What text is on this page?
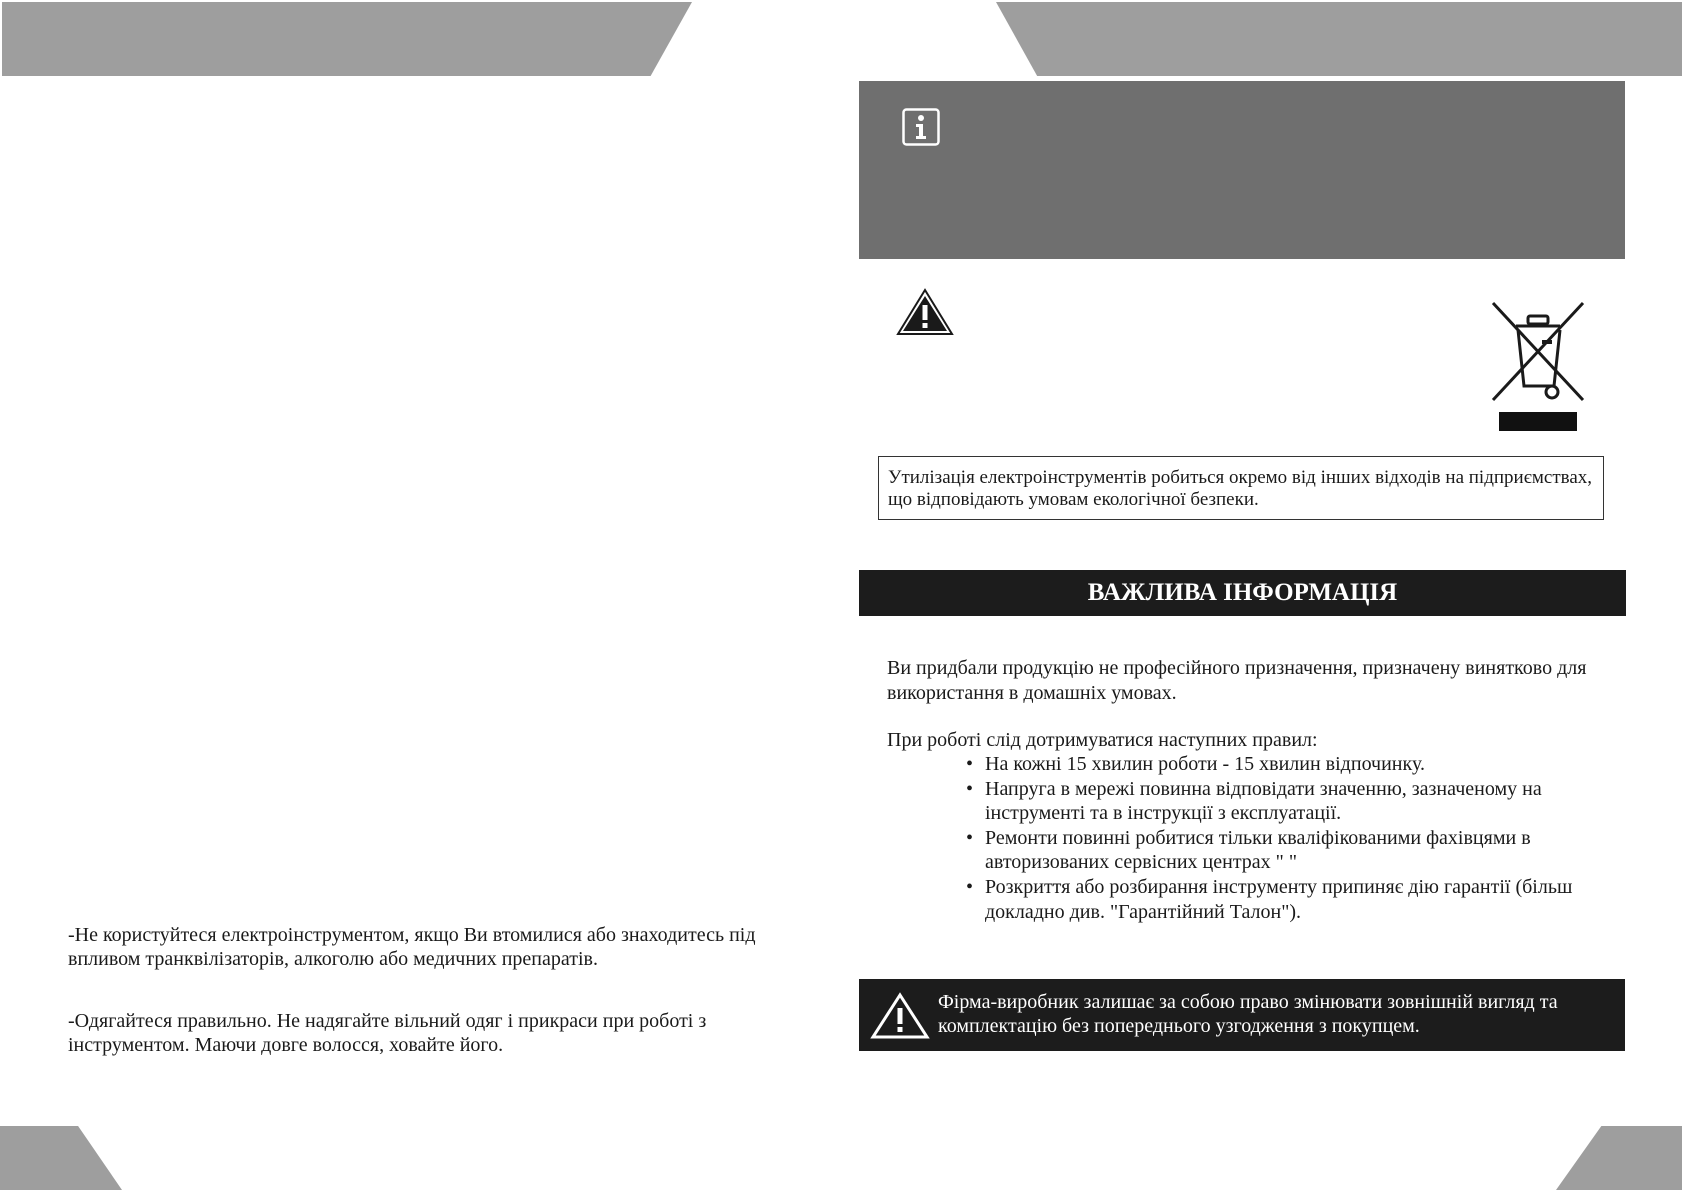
-Не користуйтеся електроінструментом, якщо Ви втомилися або знаходитесь під впливом транквілізаторів, алкоголю або медичних препаратів.
-Одягайтеся правильно. Не надягайте вільний одяг і прикраси при роботі з інструментом. Маючи довге волосся, ховайте його.
Утилізація електроінструментів робиться окремо від інших відходів на підприємствах, що відповідають умовам екологічної безпеки.
ВАЖЛИВА ІНФОРМАЦІЯ
Ви придбали продукцію не професійного призначення, призначену винятково для використання в домашніх умовах.
При роботі слід дотримуватися наступних правил:
• На кожні 15 хвилин роботи - 15 хвилин відпочинку.
• Напруга в мережі повинна відповідати значенню, зазначеному на інструменті та в інструкції з експлуатації.
• Ремонти повинні робитися тільки кваліфікованими фахівцями в авторизованих сервісних центрах " "
• Розкриття або розбирання інструменту припиняє дію гарантії (більш докладно див. "Гарантійний Талон").
Фірма-виробник залишає за собою право змінювати зовнішній вигляд та комплектацію без попереднього узгодження з покупцем.
